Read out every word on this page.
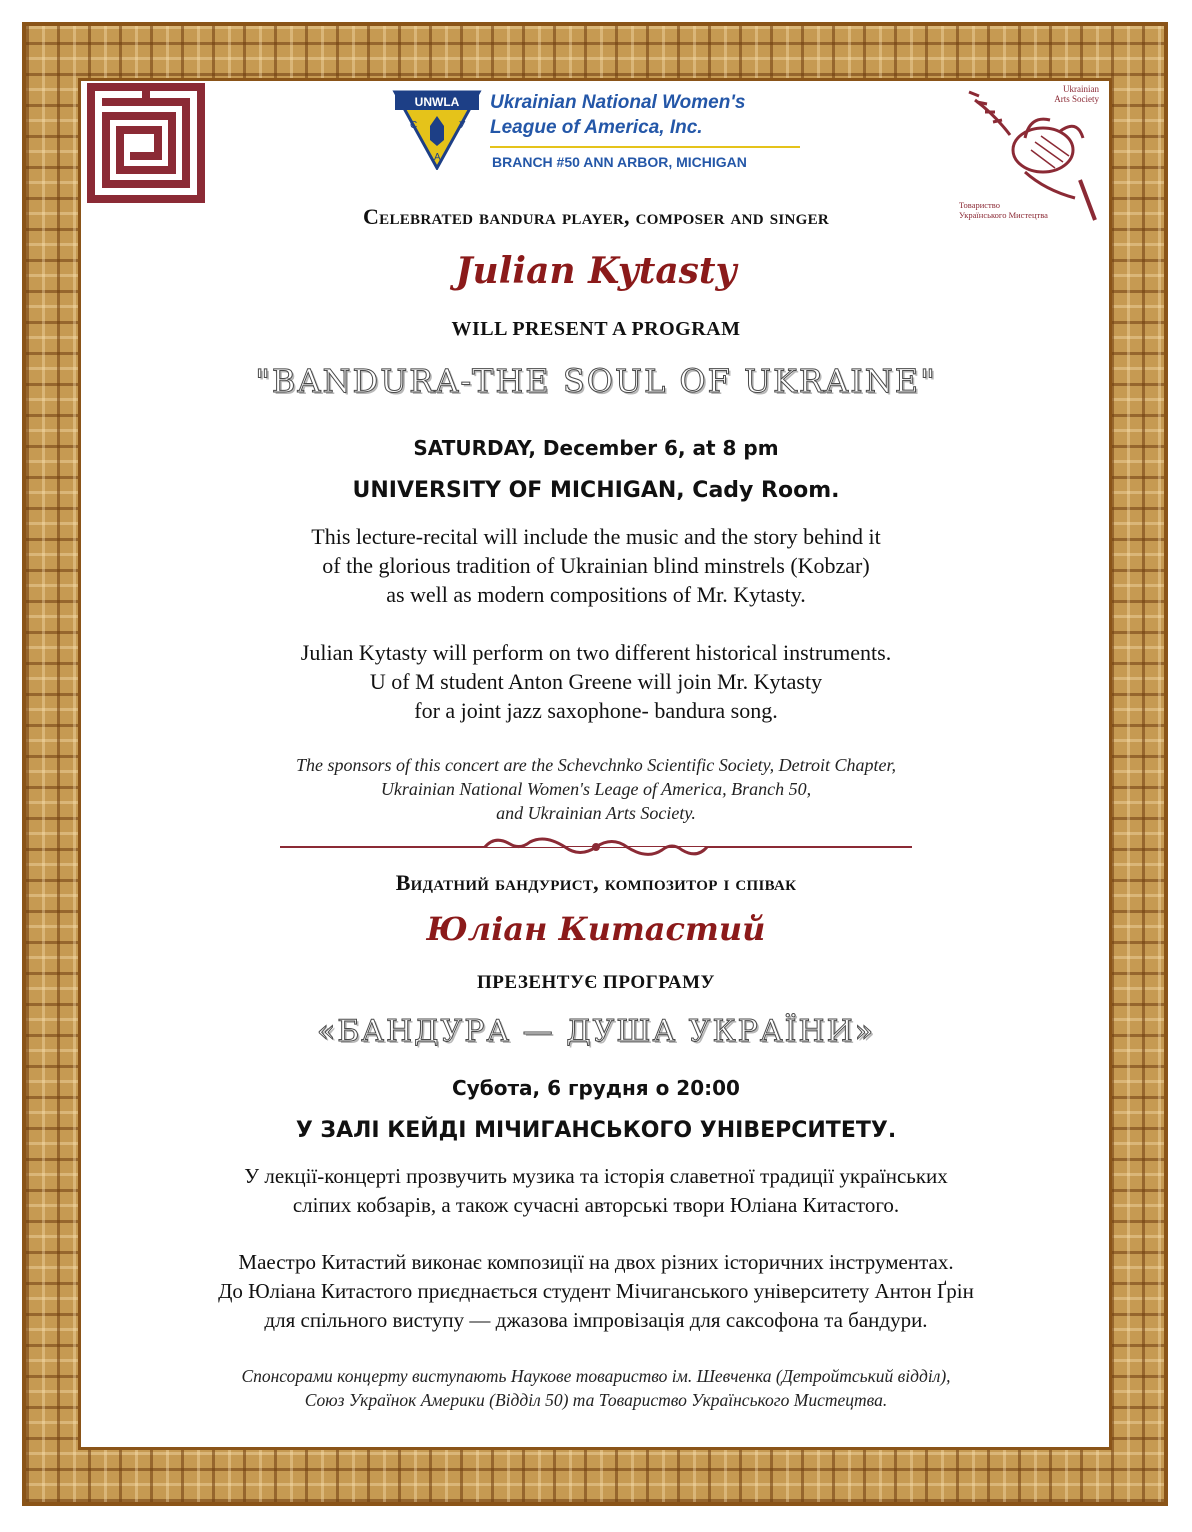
UNWLA
С	У
А
Ukrainian National Women's
League of America, Inc.
BRANCH #50 ANN ARBOR, MICHIGAN
Ukrainian
Arts Society
Товариство
Українського Мистецтва
Celebrated bandura player, composer and singer
Julian Kytasty
WILL PRESENT A PROGRAM
"BANDURA-THE SOUL OF UKRAINE"
SATURDAY, December 6, at 8 pm
UNIVERSITY OF MICHIGAN, Cady Room.
This lecture-recital will include the music and the story behind it
of the glorious tradition of Ukrainian blind minstrels (Kobzar)
as well as modern compositions of Mr. Kytasty.
Julian Kytasty will perform on two different historical instruments.
U of M student Anton Greene will join Mr. Kytasty
for a joint jazz saxophone- bandura song.
The sponsors of this concert are the Schevchnko Scientific Society, Detroit Chapter,
Ukrainian National Women's Leage of America, Branch 50,
and Ukrainian Arts Society.
Видатний бандурист, композитор і співак
Юліан Китастий
ПРЕЗЕНТУЄ ПРОГРАМУ
«БАНДУРА — ДУША УКРАЇНИ»
Субота, 6 грудня о 20:00
У ЗАЛІ КЕЙДІ МІЧИГАНСЬКОГО УНІВЕРСИТЕТУ.
У лекції-концерті прозвучить музика та історія славетної традиції українських
сліпих кобзарів, а також сучасні авторські твори Юліана Китастого.
Маестро Китастий виконає композиції на двох різних історичних інструментах.
До Юліана Китастого приєднається студент Мічиганського університету Антон Ґрін
для спільного виступу — джазова імпровізація для саксофона та бандури.
Спонсорами концерту виступають Наукове товариство ім. Шевченка (Детройтський відділ),
Союз Українок Америки (Відділ 50) та Товариство Українського Мистецтва.
